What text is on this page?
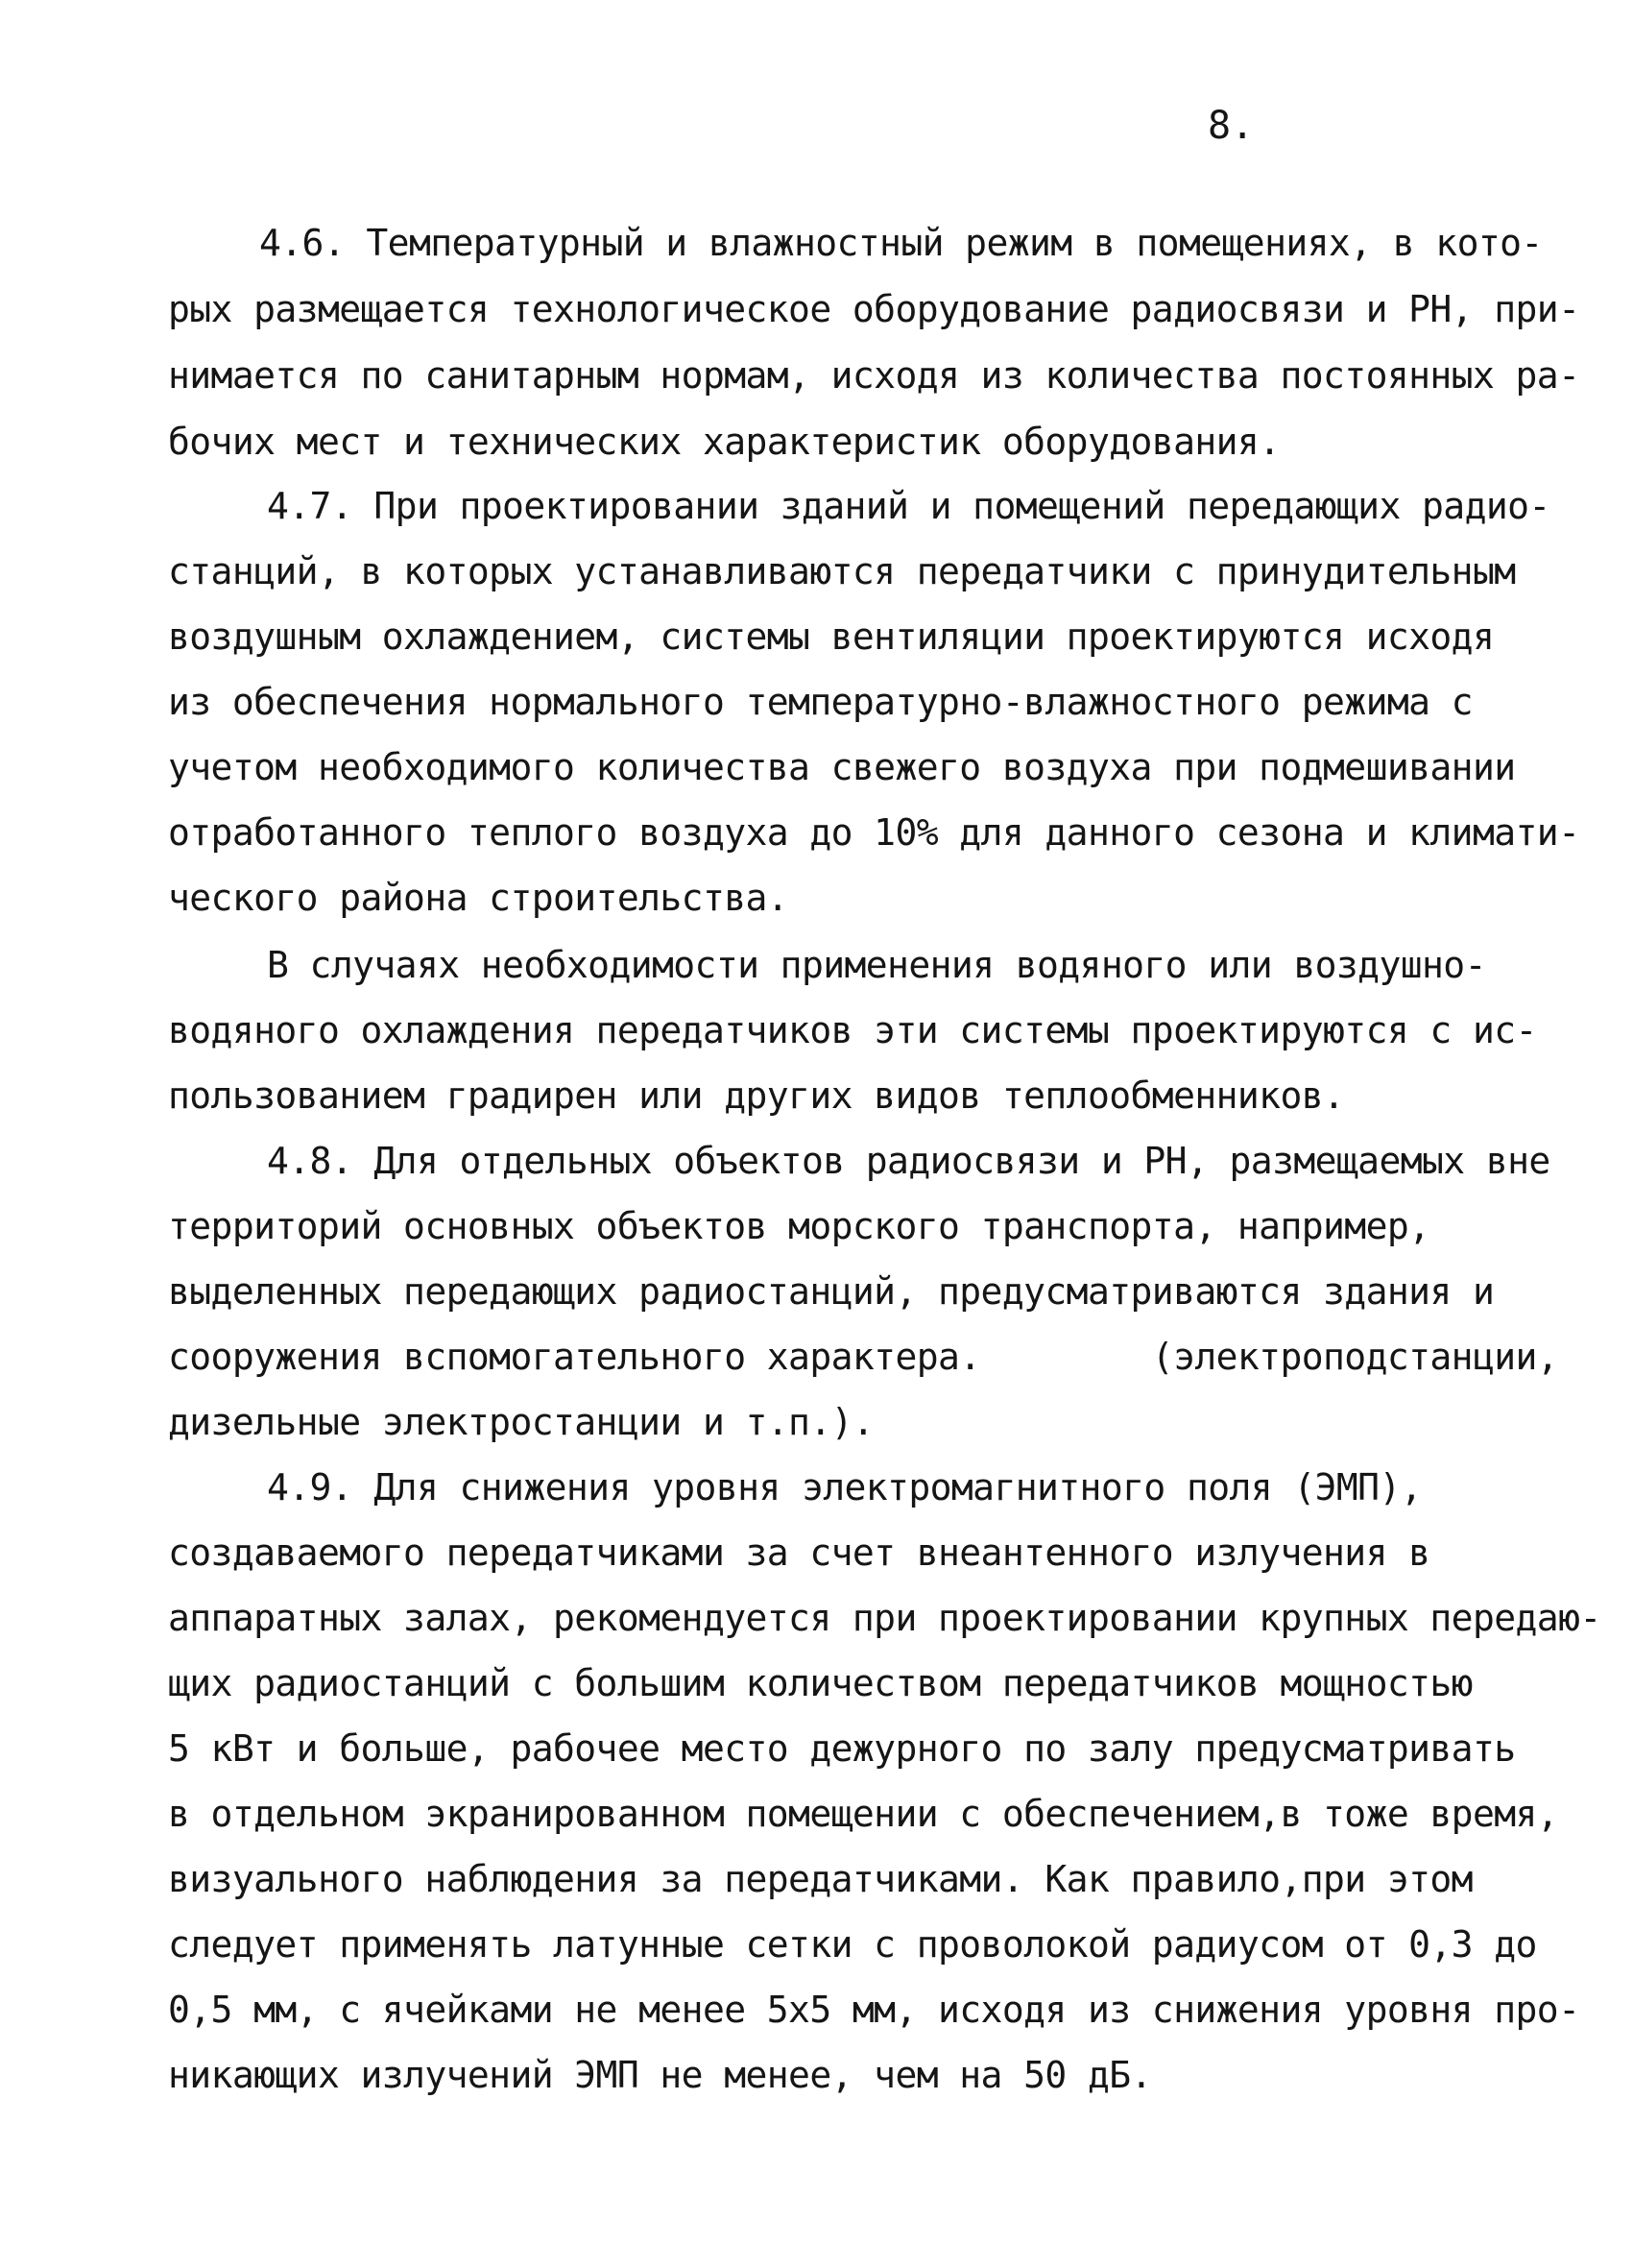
8.
4.6. Температурный и влажностный режим в помещениях, в кото-
рых размещается технологическое оборудование радиосвязи и РН, при-
нимается по санитарным нормам, исходя из количества постоянных ра-
бочих мест и технических характеристик оборудования.
4.7. При проектировании зданий и помещений передающих радио-
станций, в которых устанавливаются передатчики с принудительным
воздушным охлаждением, системы вентиляции проектируются исходя
из обеспечения нормального температурно-влажностного режима с
учетом необходимого количества свежего воздуха при подмешивании
отработанного теплого воздуха до 10% для данного сезона и климати-
ческого района строительства.
В случаях необходимости применения водяного или воздушно-
водяного охлаждения передатчиков эти системы проектируются с ис-
пользованием градирен или других видов теплообменников.
4.8. Для отдельных объектов радиосвязи и РН, размещаемых вне
территорий основных объектов морского транспорта, например,
выделенных передающих радиостанций, предусматриваются здания и
сооружения вспомогательного характера.        (электроподстанции,
дизельные электростанции и т.п.).
4.9. Для снижения уровня электромагнитного поля (ЭМП),
создаваемого передатчиками за счет внеантенного излучения в
аппаратных залах, рекомендуется при проектировании крупных передаю-
щих радиостанций с большим количеством передатчиков мощностью
5 кВт и больше, рабочее место дежурного по залу предусматривать
в отдельном экранированном помещении с обеспечением,в тоже время,
визуального наблюдения за передатчиками. Как правило,при этом
следует применять латунные сетки с проволокой радиусом от 0,3 до
0,5 мм, с ячейками не менее 5х5 мм, исходя из снижения уровня про-
никающих излучений ЭМП не менее, чем на 50 дБ.
